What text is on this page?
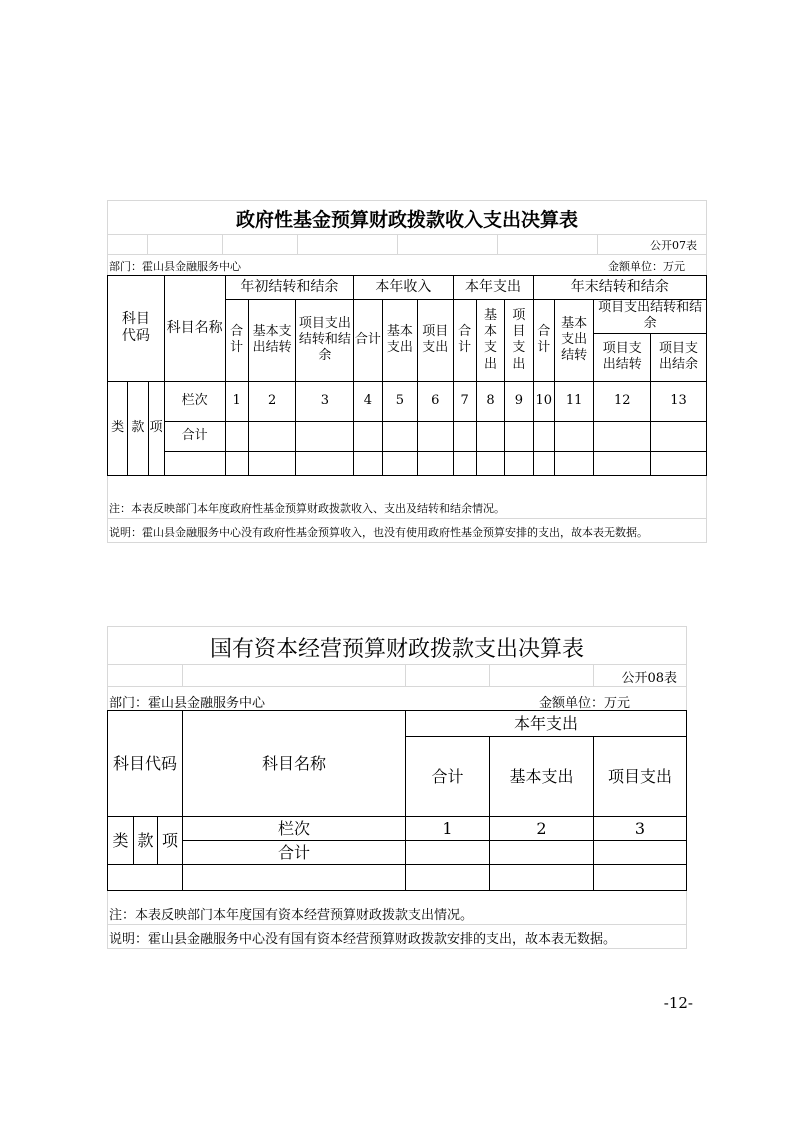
政府性基金预算财政拨款收入支出决算表
公开07表
部门：霍山县金融服务中心	金额单位：万元
科目代码			科目名称	年初结转和结余			本年收入			本年支出			年末结转和结余			
				合计	基本支出结转	项目支出结转和结余	合计	基本支出	项目支出	合计	基本支出	项目支出	合计	基本支出结转	项目支出结转和结余	
															项目支出结转	项目支出结余
类	款	项	栏次	1	2	3	4	5	6	7	8	9	10	11	12	13
			合计													

注：本表反映部门本年度政府性基金预算财政拨款收入、支出及结转和结余情况。
说明：霍山县金融服务中心没有政府性基金预算收入，也没有使用政府性基金预算安排的支出，故本表无数据。
国有资本经营预算财政拨款支出决算表
公开08表
部门：霍山县金融服务中心	金额单位：万元
科目代码			科目名称	本年支出		
				合计	基本支出	项目支出
类	款	项	栏次	1	2	3
			合计			

注：本表反映部门本年度国有资本经营预算财政拨款支出情况。
说明：霍山县金融服务中心没有国有资本经营预算财政拨款安排的支出，故本表无数据。
-12-
